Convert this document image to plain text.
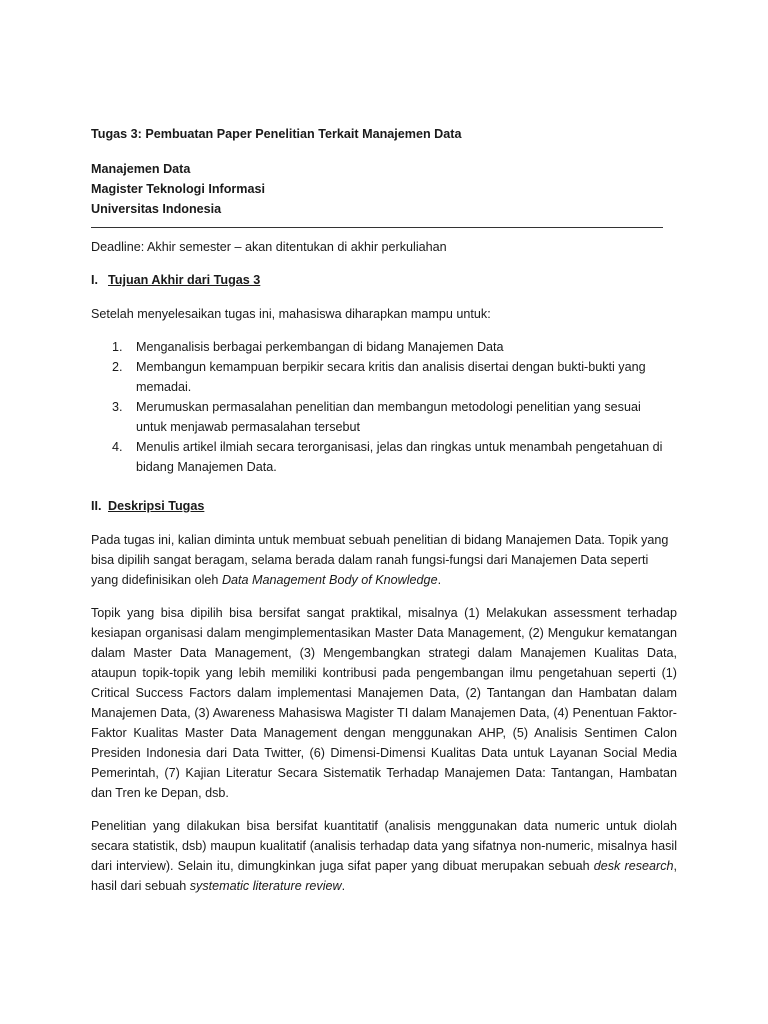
Tugas 3: Pembuatan Paper Penelitian Terkait Manajemen Data

Manajemen Data

Magister Teknologi Informasi

Universitas Indonesia

Deadline: Akhir semester – akan ditentukan di akhir perkuliahan

I. Tujuan Akhir dari Tugas 3

Setelah menyelesaikan tugas ini, mahasiswa diharapkan mampu untuk:

1.	Menganalisis berbagai perkembangan di bidang Manajemen Data
2.	Membangun kemampuan berpikir secara kritis dan analisis disertai dengan bukti-bukti yang memadai.
3.	Merumuskan permasalahan penelitian dan membangun metodologi penelitian yang sesuai untuk menjawab permasalahan tersebut
4.	Menulis artikel ilmiah secara terorganisasi, jelas dan ringkas untuk menambah pengetahuan di bidang Manajemen Data.
II. Deskripsi Tugas

Pada tugas ini, kalian diminta untuk membuat sebuah penelitian di bidang Manajemen Data. Topik yang bisa dipilih sangat beragam, selama berada dalam ranah fungsi-fungsi dari Manajemen Data seperti yang didefinisikan oleh Data Management Body of Knowledge.

Topik yang bisa dipilih bisa bersifat sangat praktikal, misalnya (1) Melakukan assessment terhadap kesiapan organisasi dalam mengimplementasikan Master Data Management, (2) Mengukur kematangan dalam Master Data Management, (3) Mengembangkan strategi dalam Manajemen Kualitas Data, ataupun topik-topik yang lebih memiliki kontribusi pada pengembangan ilmu pengetahuan seperti (1) Critical Success Factors dalam implementasi Manajemen Data, (2) Tantangan dan Hambatan dalam Manajemen Data, (3) Awareness Mahasiswa Magister TI dalam Manajemen Data, (4) Penentuan Faktor-Faktor Kualitas Master Data Management dengan menggunakan AHP, (5) Analisis Sentimen Calon Presiden Indonesia dari Data Twitter, (6) Dimensi-Dimensi Kualitas Data untuk Layanan Social Media Pemerintah, (7) Kajian Literatur Secara Sistematik Terhadap Manajemen Data: Tantangan, Hambatan dan Tren ke Depan, dsb.

Penelitian yang dilakukan bisa bersifat kuantitatif (analisis menggunakan data numeric untuk diolah secara statistik, dsb) maupun kualitatif (analisis terhadap data yang sifatnya non-numeric, misalnya hasil dari interview). Selain itu, dimungkinkan juga sifat paper yang dibuat merupakan sebuah desk research, hasil dari sebuah systematic literature review.
